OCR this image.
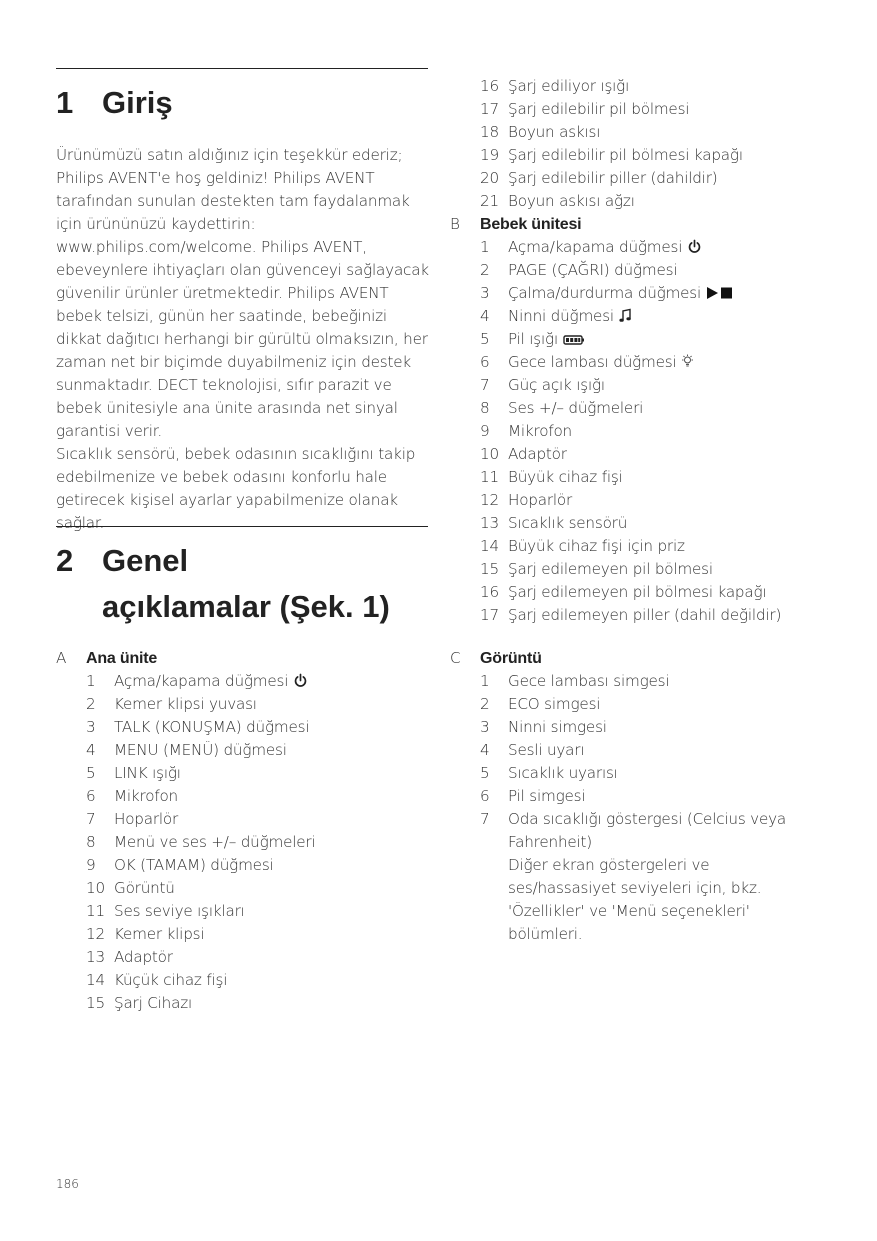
1 Giriş

Ürünümüzü satın aldığınız için teşekkür ederiz; Philips AVENT'e hoş geldiniz! Philips AVENT tarafından sunulan destekten tam faydalanmak için ürününüzü kaydettirin: www.philips.com/welcome. Philips AVENT, ebeveynlere ihtiyaçları olan güvenceyi sağlayacak güvenilir ürünler üretmektedir. Philips AVENT bebek telsizi, günün her saatinde, bebeğinizi dikkat dağıtıcı herhangi bir gürültü olmaksızın, her zaman net bir biçimde duyabilmeniz için destek sunmaktadır. DECT teknolojisi, sıfır parazit ve bebek ünitesiyle ana ünite arasında net sinyal garantisi verir.

Sıcaklık sensörü, bebek odasının sıcaklığını takip edebilmenize ve bebek odasını konforlu hale getirecek kişisel ayarlar yapabilmenize olanak sağlar.

2 Genel
açıklamalar (Şek. 1)
A Ana ünite
1 Açma/kapama düğmesi
2 Kemer klipsi yuvası
3 TALK (KONUŞMA) düğmesi
4 MENU (MENÜ) düğmesi
5 LINK ışığı
6 Mikrofon
7 Hoparlör
8 Menü ve ses +/– düğmeleri
9 OK (TAMAM) düğmesi
10 Görüntü
11 Ses seviye ışıkları
12 Kemer klipsi
13 Adaptör
14 Küçük cihaz fişi
15 Şarj Cihazı
16 Şarj ediliyor ışığı
17 Şarj edilebilir pil bölmesi
18 Boyun askısı
19 Şarj edilebilir pil bölmesi kapağı
20 Şarj edilebilir piller (dahildir)
21 Boyun askısı ağzı
B Bebek ünitesi
1 Açma/kapama düğmesi
2 PAGE (ÇAĞRI) düğmesi
3 Çalma/durdurma düğmesi
4 Ninni düğmesi
5 Pil ışığı
6 Gece lambası düğmesi
7 Güç açık ışığı
8 Ses +/– düğmeleri
9 Mikrofon
10 Adaptör
11 Büyük cihaz fişi
12 Hoparlör
13 Sıcaklık sensörü
14 Büyük cihaz fişi için priz
15 Şarj edilemeyen pil bölmesi
16 Şarj edilemeyen pil bölmesi kapağı
17 Şarj edilemeyen piller (dahil değildir)
C Görüntü
1 Gece lambası simgesi
2 ECO simgesi
3 Ninni simgesi
4 Sesli uyarı
5 Sıcaklık uyarısı
6 Pil simgesi
7 Oda sıcaklığı göstergesi (Celcius veya Fahrenheit)
Diğer ekran göstergeleri ve ses/hassasiyet seviyeleri için, bkz. 'Özellikler' ve 'Menü seçenekleri' bölümleri.
186
